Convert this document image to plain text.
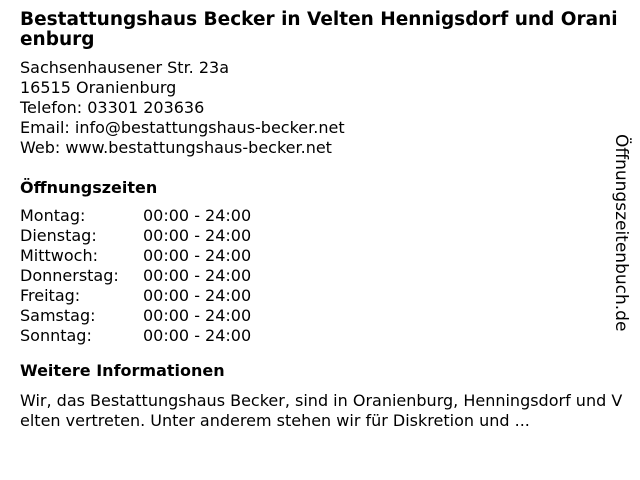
Bestattungshaus Becker in Velten Hennigsdorf und Oranienburg
Sachsenhausener Str. 23a
16515 Oranienburg
Telefon: 03301 203636
Email: info@bestattungshaus-becker.net
Web: www.bestattungshaus-becker.net
Öffnungszeiten
Montag:	00:00 - 24:00
Dienstag:	00:00 - 24:00
Mittwoch:	00:00 - 24:00
Donnerstag:	00:00 - 24:00
Freitag:	00:00 - 24:00
Samstag:	00:00 - 24:00
Sonntag:	00:00 - 24:00
Weitere Informationen
Wir, das Bestattungshaus Becker, sind in Oranienburg, Henningsdorf und Velten vertreten. Unter anderem stehen wir für Diskretion und ...
Öffnungszeitenbuch.de
